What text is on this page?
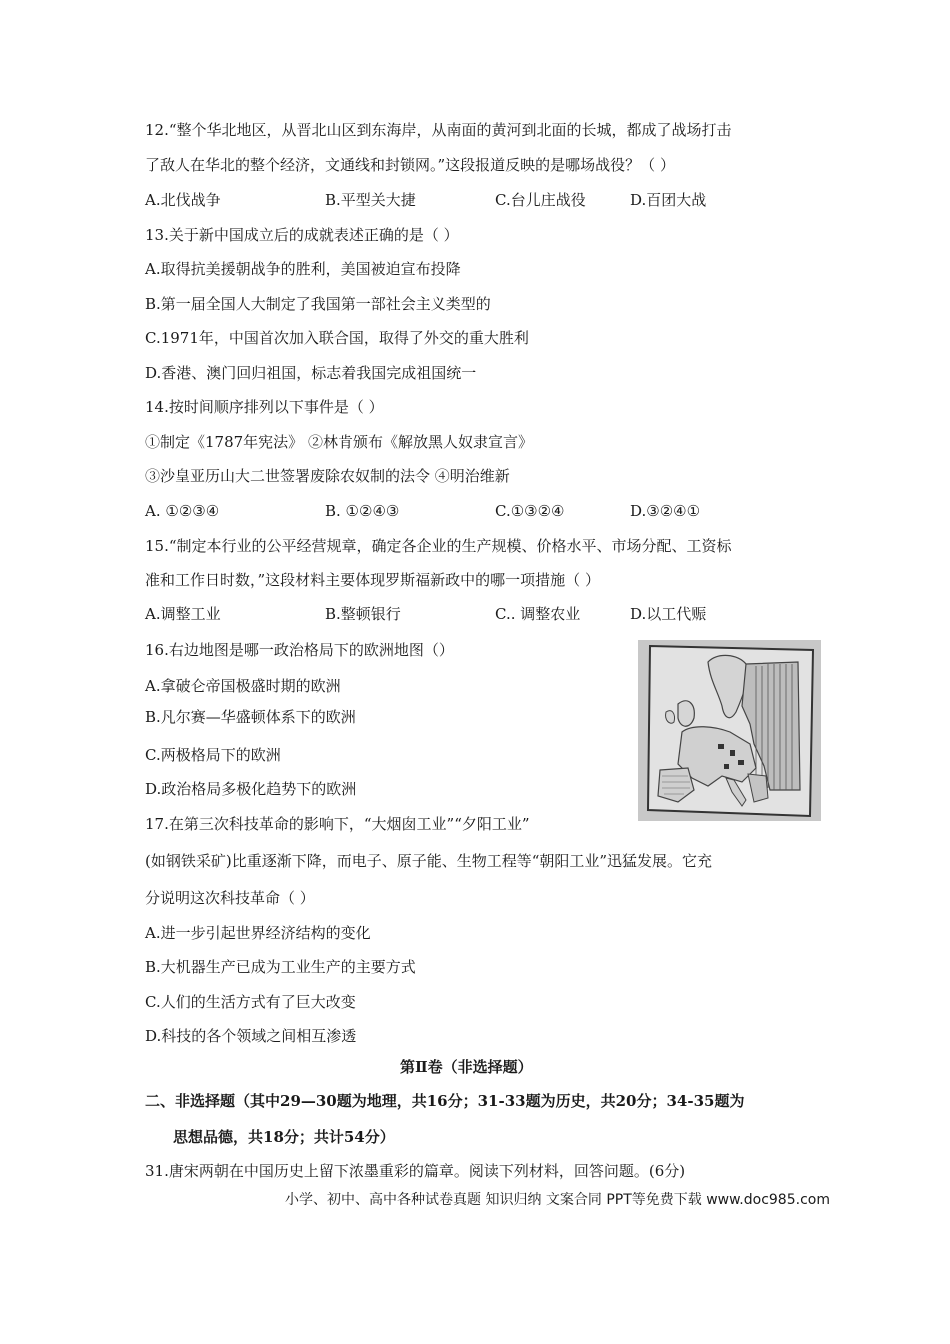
12.“整个华北地区，从晋北山区到东海岸，从南面的黄河到北面的长城，都成了战场打击
了敌人在华北的整个经济，文通线和封锁网。”这段报道反映的是哪场战役？（ ）
A.北伐战争	B.平型关大捷	C.台儿庄战役	D.百团大战
13.关于新中国成立后的成就表述正确的是（ ）
A.取得抗美援朝战争的胜利，美国被迫宣布投降
B.第一届全国人大制定了我国第一部社会主义类型的
C.1971年，中国首次加入联合国，取得了外交的重大胜利
D.香港、澳门回归祖国，标志着我国完成祖国统一
14.按时间顺序排列以下事件是（ ）
①制定《1787年宪法》 ②林肯颁布《解放黑人奴隶宣言》
③沙皇亚历山大二世签署废除农奴制的法令 ④明治维新
A. ①②③④	B. ①②④③	C.①③②④	D.③②④①
15.“制定本行业的公平经营规章，确定各企业的生产规模、价格水平、市场分配、工资标
准和工作日时数，”这段材料主要体现罗斯福新政中的哪一项措施（ ）
A.调整工业	B.整顿银行	C.. 调整农业	D.以工代赈
16.右边地图是哪一政治格局下的欧洲地图（）
A.拿破仑帝国极盛时期的欧洲
B.凡尔赛—华盛顿体系下的欧洲
C.两极格局下的欧洲
D.政治格局多极化趋势下的欧洲
17.在第三次科技革命的影响下，“大烟囱工业”“夕阳工业”
(如钢铁采矿)比重逐渐下降，而电子、原子能、生物工程等“朝阳工业”迅猛发展。它充
分说明这次科技革命（ ）
A.进一步引起世界经济结构的变化
B.大机器生产已成为工业生产的主要方式
C.人们的生活方式有了巨大改变
D.科技的各个领域之间相互渗透
第Ⅱ卷（非选择题）
二、非选择题（其中29—30题为地理，共16分；31-33题为历史，共20分；34-35题为
思想品德，共18分；共计54分）
31.唐宋两朝在中国历史上留下浓墨重彩的篇章。阅读下列材料，回答问题。(6分)
小学、初中、高中各种试卷真题 知识归纳 文案合同 PPT等免费下载 www.doc985.com
